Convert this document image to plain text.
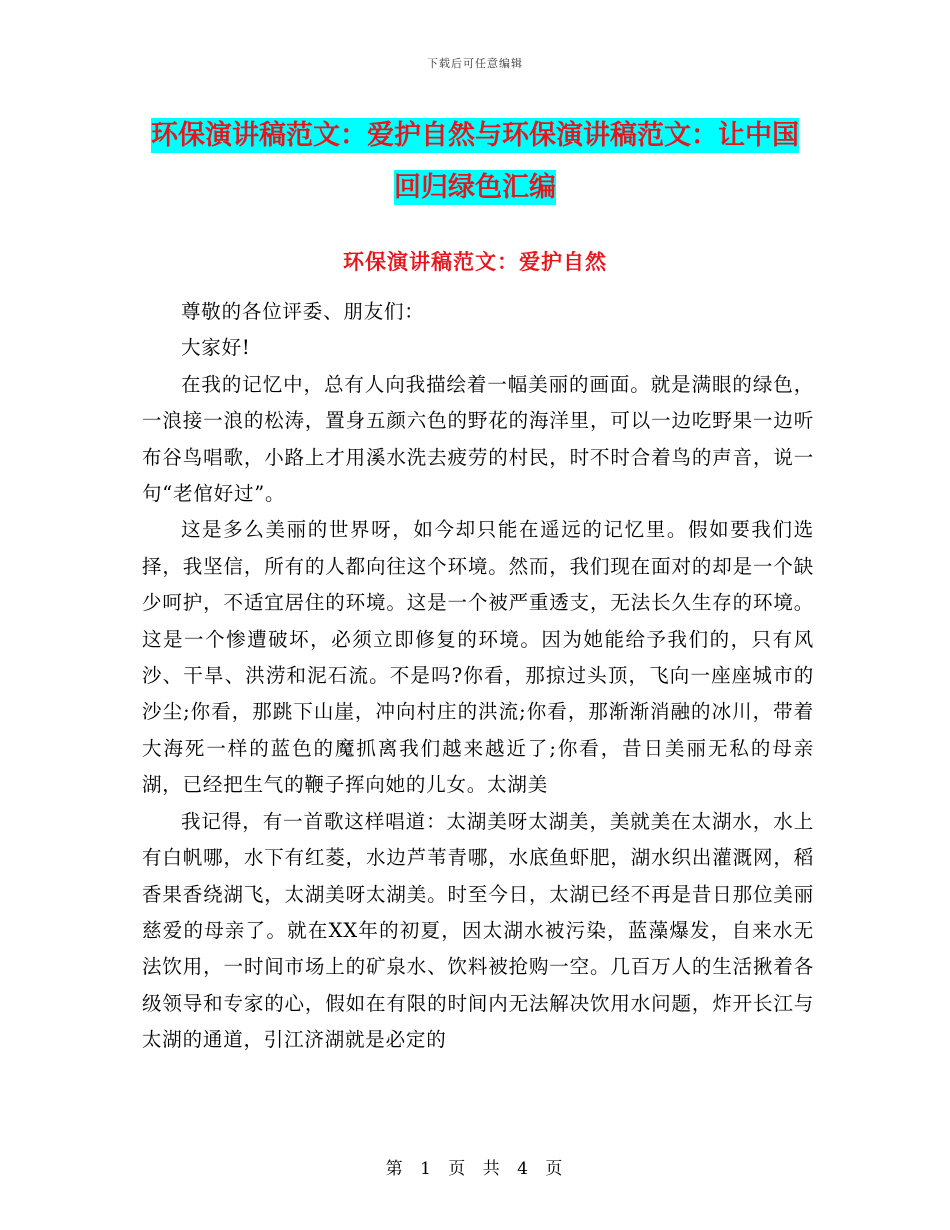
下载后可任意编辑
环保演讲稿范文：爱护自然与环保演讲稿范文：让中国回归绿色汇编
环保演讲稿范文：爱护自然

尊敬的各位评委、朋友们：

大家好!

在我的记忆中，总有人向我描绘着一幅美丽的画面。就是满眼的绿色，一浪接一浪的松涛，置身五颜六色的野花的海洋里，可以一边吃野果一边听布谷鸟唱歌，小路上才用溪水洗去疲劳的村民，时不时合着鸟的声音，说一句“老倌好过”。

这是多么美丽的世界呀，如今却只能在遥远的记忆里。假如要我们选择，我坚信，所有的人都向往这个环境。然而，我们现在面对的却是一个缺少呵护，不适宜居住的环境。这是一个被严重透支，无法长久生存的环境。这是一个惨遭破坏，必须立即修复的环境。因为她能给予我们的，只有风沙、干旱、洪涝和泥石流。不是吗?你看，那掠过头顶，飞向一座座城市的沙尘;你看，那跳下山崖，冲向村庄的洪流;你看，那渐渐消融的冰川，带着大海死一样的蓝色的魔抓离我们越来越近了;你看，昔日美丽无私的母亲湖，已经把生气的鞭子挥向她的儿女。太湖美

我记得，有一首歌这样唱道：太湖美呀太湖美，美就美在太湖水，水上有白帆哪，水下有红菱，水边芦苇青哪，水底鱼虾肥，湖水织出灌溉网，稻香果香绕湖飞，太湖美呀太湖美。时至今日，太湖已经不再是昔日那位美丽慈爱的母亲了。就在XX年的初夏，因太湖水被污染，蓝藻爆发，自来水无法饮用，一时间市场上的矿泉水、饮料被抢购一空。几百万人的生活揪着各级领导和专家的心，假如在有限的时间内无法解决饮用水问题，炸开长江与太湖的通道，引江济湖就是必定的

第 1 页 共 4 页
